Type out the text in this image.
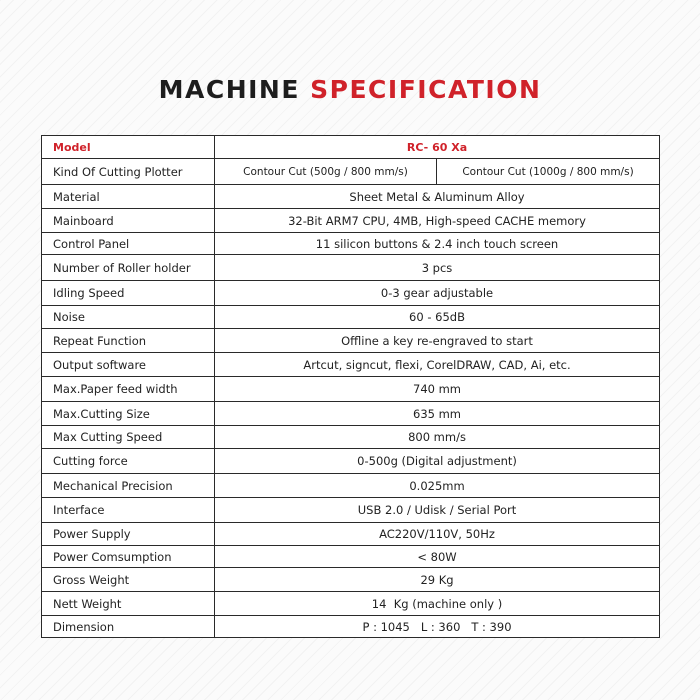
MACHINE SPECIFICATION
Model	RC- 60 Xa	
Kind Of Cutting Plotter	Contour Cut (500g / 800 mm/s)	Contour Cut (1000g / 800 mm/s)
Material	Sheet Metal & Aluminum Alloy	
Mainboard	32-Bit ARM7 CPU, 4MB, High-speed CACHE memory	
Control Panel	11 silicon buttons & 2.4 inch touch screen	
Number of Roller holder	3 pcs	
Idling Speed	0-3 gear adjustable	
Noise	60 - 65dB	
Repeat Function	Offline a key re-engraved to start	
Output software	Artcut, signcut, flexi, CorelDRAW, CAD, Ai, etc.	
Max.Paper feed width	740 mm	
Max.Cutting Size	635 mm	
Max Cutting Speed	800 mm/s	
Cutting force	0-500g (Digital adjustment)	
Mechanical Precision	0.025mm	
Interface	USB 2.0 / Udisk / Serial Port	
Power Supply	AC220V/110V, 50Hz	
Power Comsumption	< 80W	
Gross Weight	29 Kg	
Nett Weight	14  Kg (machine only )	
Dimension	P : 1045   L : 360   T : 390	
